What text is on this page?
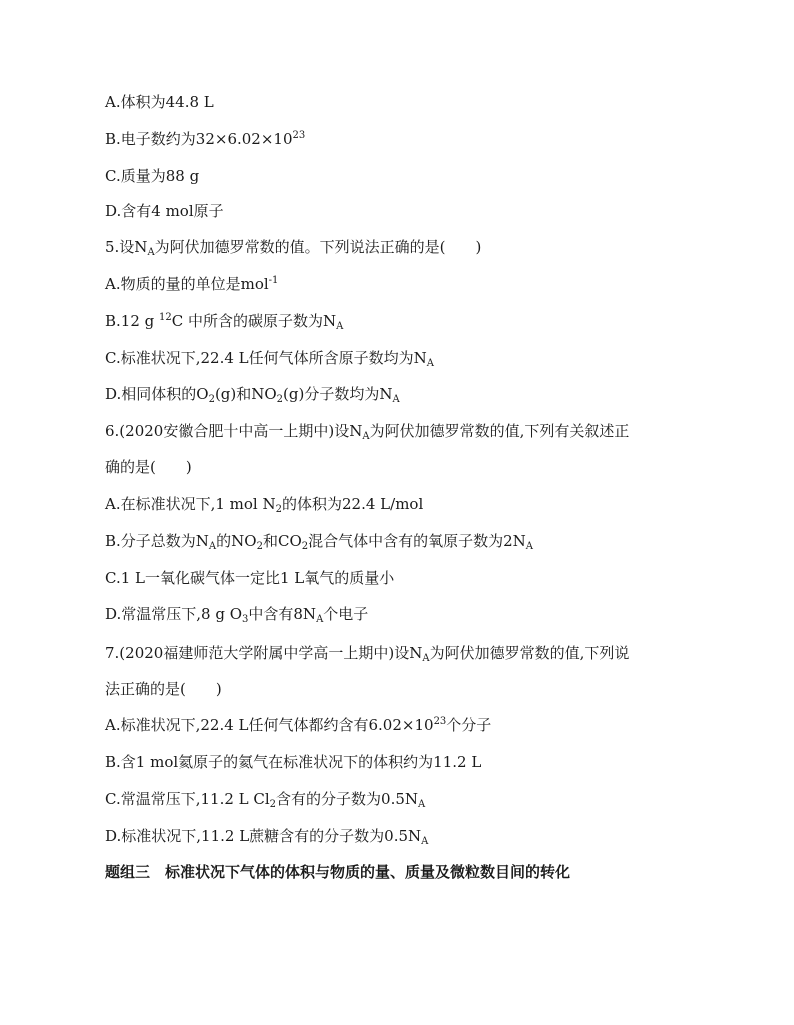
A.体积为44.8 L
B.电子数约为$32\times 6.02\times 10^{23}$
C.质量为88 g
D.含有4 mol原子
5.设$N_A$为阿伏加德罗常数的值。下列说法正确的是(　　)
A.物质的量的单位是mol$^{-1}$
B.12 g $^{12}$C 中所含的碳原子数为$N_A$
C.标准状况下,22.4 L任何气体所含原子数均为$N_A$
D.相同体积的$O_2(g)$和$NO_2(g)$分子数均为$N_A$
6.(2020安徽合肥十中高一上期中)设$N_A$为阿伏加德罗常数的值,下列有关叙述正
确的是(　　)
A.在标准状况下,1 mol $N_2$的体积为22.4 L/mol
B.分子总数为$N_A$的$NO_2$和$CO_2$混合气体中含有的氧原子数为$2N_A$
C.1 L一氧化碳气体一定比1 L氧气的质量小
D.常温常压下,8 g $O_3$中含有$8N_A$个电子
7.(2020福建师范大学附属中学高一上期中)设$N_A$为阿伏加德罗常数的值,下列说
法正确的是(　　)
A.标准状况下,22.4 L任何气体都约含有$6.02\times 10^{23}$个分子
B.含1 mol氦原子的氦气在标准状况下的体积约为11.2 L
C.常温常压下,11.2 L $Cl_2$含有的分子数为$0.5N_A$
D.标准状况下,11.2 L蔗糖含有的分子数为$0.5N_A$
题组三　标准状况下气体的体积与物质的量、质量及微粒数目间的转化
